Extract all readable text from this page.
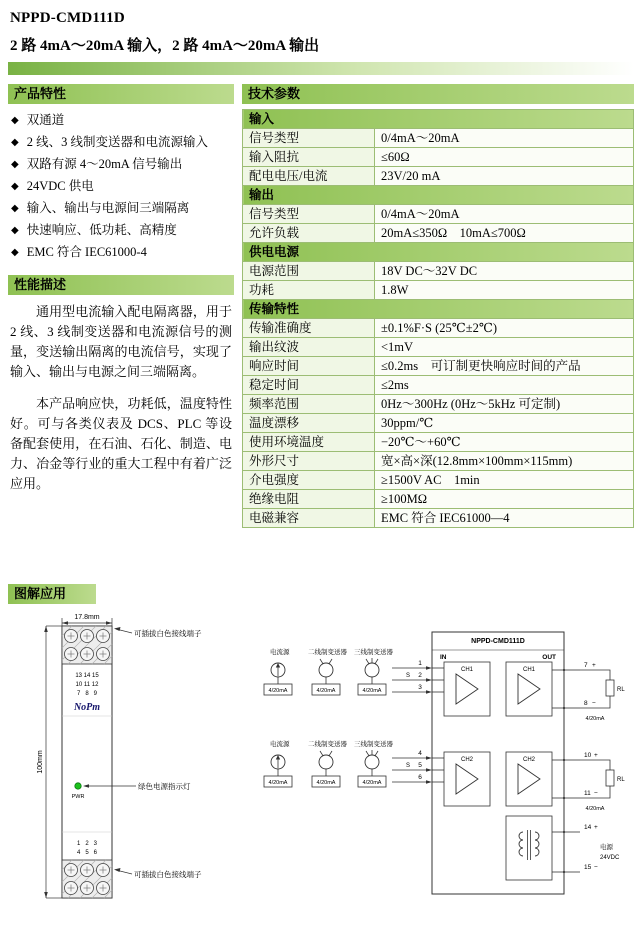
NPPD-CMD111D
2 路 4mA～20mA 输入，2 路 4mA～20mA 输出
产品特性
◆ 双通道
◆ 2 线、3 线制变送器和电流源输入
◆ 双路有源 4～20mA 信号输出
◆ 24VDC 供电
◆ 输入、输出与电源间三端隔离
◆ 快速响应、低功耗、高精度
◆ EMC 符合 IEC61000-4
性能描述

通用型电流输入配电隔离器，用于 2 线、3 线制变送器和电流源信号的测量，变送输出隔离的电流信号，实现了输入、输出与电源之间三端隔离。

本产品响应快，功耗低，温度特性好。可与各类仪表及 DCS、PLC 等设备配套使用，在石油、石化、制造、电力、冶金等行业的重大工程中有着广泛应用。

技术参数
输入	
信号类型	0/4mA～20mA
输入阻抗	≤60Ω
配电电压/电流	23V/20 mA
输出	
信号类型	0/4mA～20mA
允许负载	20mA≤350Ω　10mA≤700Ω
供电电源	
电源范围	18V DC～32V DC
功耗	1.8W
传输特性	
传输准确度	±0.1%F·S (25℃±2℃)
输出纹波	<1mV
响应时间	≤0.2ms　可订制更快响应时间的产品
稳定时间	≤2ms
频率范围	0Hz～300Hz (0Hz～5kHz 可定制)
温度漂移	30ppm/℃
使用环境温度	−20℃～+60℃
外形尺寸	宽×高×深(12.8mm×100mm×115mm)
介电强度	≥1500V AC　1min
绝缘电阻	≥100MΩ
电磁兼容	EMC 符合 IEC61000—4
图解应用
17.8mm
100mm
13 14 15
10 11 12
7   8   9
NoPm
PWR
1   2   3
4   5   6
可插拔白色接线端子
绿色电源指示灯
可插拔白色接线端子
电流源	二线制变送器 三线制变送器
4/20mA	4/20mA	4/20mA
1
S 2
3
电流源	二线制变送器 三线制变送器
4/20mA	4/20mA	4/20mA
4
S 5
6
NPPD-CMD111D
IN	OUT
CH1
CH2
CH1
CH2
7 +
8 −
RL
4/20mA
10 +
11 −
RL
4/20mA
14 +
15 −
电源
24VDC
